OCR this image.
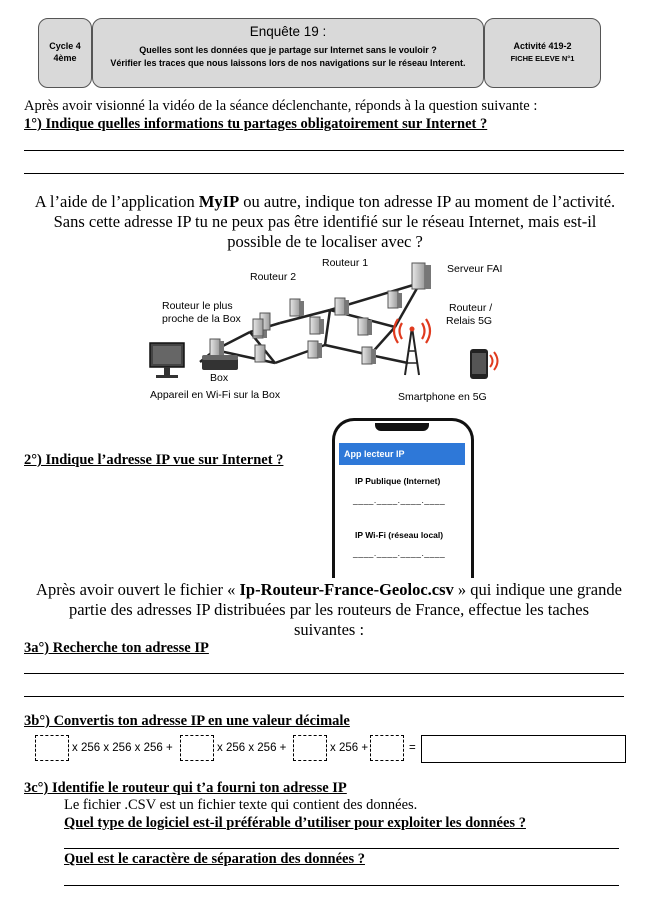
Cycle 4
4ème
Enquête 19 :
Quelles sont les données que je partage sur Internet sans le vouloir ?
Vérifier les traces que nous laissons lors de nos navigations sur le réseau Interent.
Activité 419-2
FICHE ELEVE N°1
Après avoir visionné la vidéo de la séance déclenchante, réponds à la question suivante :
1°) Indique quelles informations tu partages obligatoirement sur Internet ?
A l’aide de l’application MyIP ou autre, indique ton adresse IP au moment de l’activité.
Sans cette adresse IP tu ne peux pas être identifié sur le réseau Internet, mais est-il
possible de te localiser avec ?
Routeur 1
Routeur 2
Serveur FAI
Routeur le plus
proche de la Box
Routeur /
Relais 5G
Box
Appareil en Wi-Fi sur la Box	Smartphone en 5G
2°) Indique l’adresse IP vue sur Internet ?	App lecteur IP
IP Publique (Internet)
____.____.____.____
IP Wi-Fi (réseau local)
____.____.____.____
Après avoir ouvert le fichier « Ip-Routeur-France-Geoloc.csv » qui indique une grande
partie des adresses IP distribuées par les routeurs de France, effectue les taches
suivantes :
3a°) Recherche ton adresse IP
3b°) Convertis ton adresse IP en une valeur décimale
x 256 x 256 x 256 +	x 256 x 256 +	x 256 +	=
3c°) Identifie le routeur qui t’a fourni ton adresse IP
Le fichier .CSV est un fichier texte qui contient des données.
Quel type de logiciel est-il préférable d’utiliser pour exploiter les données ?
Quel est le caractère de séparation des données ?
